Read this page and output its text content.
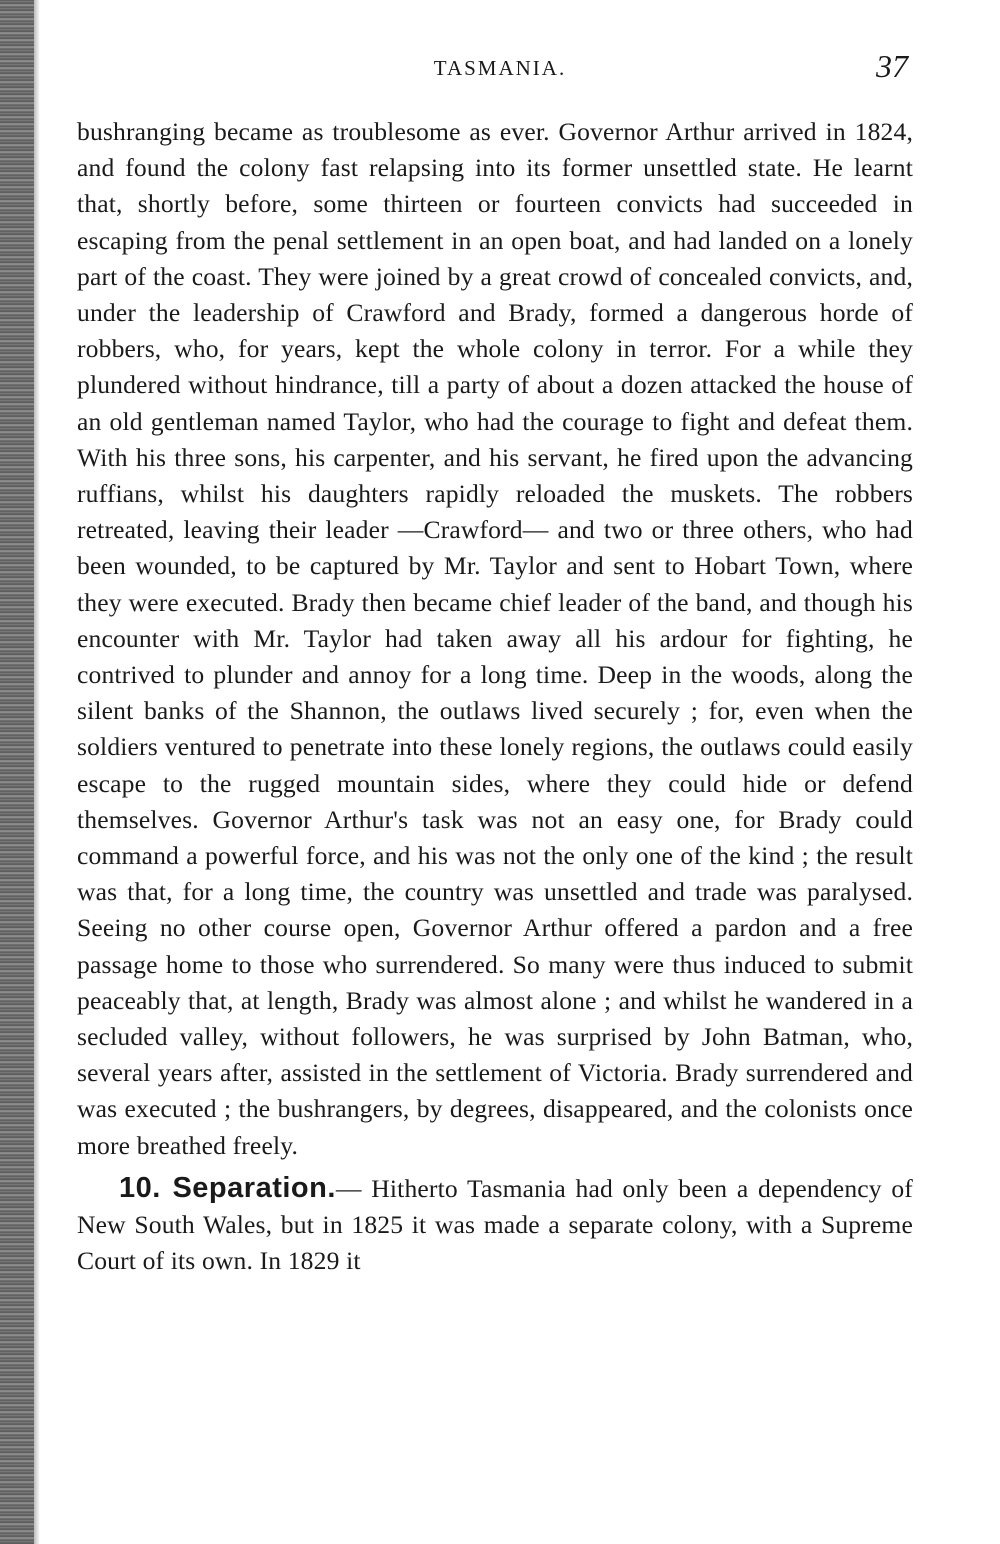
TASMANIA.	37

bushranging became as troublesome as ever. Governor Arthur arrived in 1824, and found the colony fast relapsing into its former unsettled state. He learnt that, shortly before, some thirteen or fourteen convicts had succeeded in escaping from the penal settlement in an open boat, and had landed on a lonely part of the coast. They were joined by a great crowd of concealed convicts, and, under the leadership of Crawford and Brady, formed a dangerous horde of robbers, who, for years, kept the whole colony in terror. For a while they plundered without hindrance, till a party of about a dozen attacked the house of an old gentleman named Taylor, who had the courage to fight and defeat them. With his three sons, his carpenter, and his servant, he fired upon the advancing ruffians, whilst his daughters rapidly reloaded the muskets. The robbers retreated, leaving their leader —Crawford— and two or three others, who had been wounded, to be captured by Mr. Taylor and sent to Hobart Town, where they were executed. Brady then became chief leader of the band, and though his encounter with Mr. Taylor had taken away all his ardour for fighting, he contrived to plunder and annoy for a long time. Deep in the woods, along the silent banks of the Shannon, the outlaws lived securely ; for, even when the soldiers ventured to penetrate into these lonely regions, the outlaws could easily escape to the rugged mountain sides, where they could hide or defend themselves. Governor Arthur's task was not an easy one, for Brady could command a powerful force, and his was not the only one of the kind ; the result was that, for a long time, the country was unsettled and trade was paralysed. Seeing no other course open, Governor Arthur offered a pardon and a free passage home to those who surrendered. So many were thus induced to submit peaceably that, at length, Brady was almost alone ; and whilst he wandered in a secluded valley, without followers, he was surprised by John Batman, who, several years after, assisted in the settlement of Victoria. Brady surrendered and was executed ; the bushrangers, by degrees, disappeared, and the colonists once more breathed freely.

10. Separation.— Hitherto Tasmania had only been a dependency of New South Wales, but in 1825 it was made a separate colony, with a Supreme Court of its own. In 1829 it
